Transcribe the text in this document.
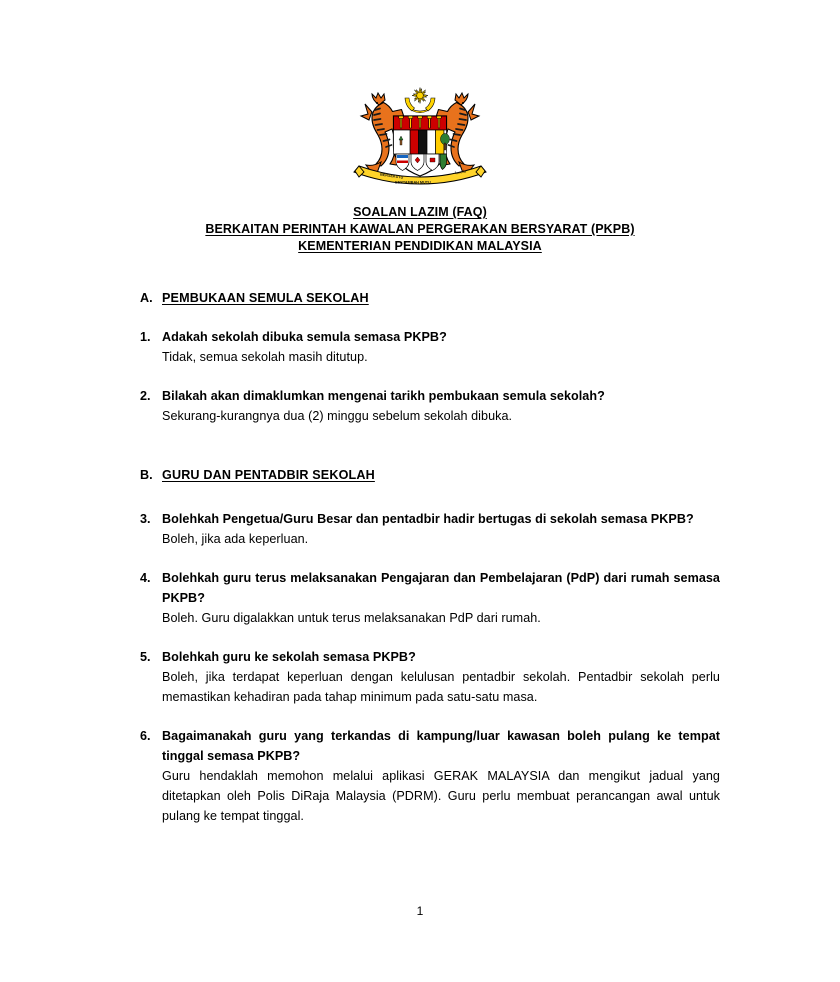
BERSEKUTU
BERTAMBAH MUTU
ملايسيا
SOALAN LAZIM (FAQ)
BERKAITAN PERINTAH KAWALAN PERGERAKAN BERSYARAT (PKPB)
KEMENTERIAN PENDIDIKAN MALAYSIA
A. PEMBUKAAN SEMULA SEKOLAH
1. Adakah sekolah dibuka semula semasa PKPB?
Tidak, semua sekolah masih ditutup.
2. Bilakah akan dimaklumkan mengenai tarikh pembukaan semula sekolah?
Sekurang-kurangnya dua (2) minggu sebelum sekolah dibuka.
B. GURU DAN PENTADBIR SEKOLAH
3. Bolehkah Pengetua/Guru Besar dan pentadbir hadir bertugas di sekolah semasa PKPB?
Boleh, jika ada keperluan.
4. Bolehkah guru terus melaksanakan Pengajaran dan Pembelajaran (PdP) dari rumah semasa PKPB?
Boleh. Guru digalakkan untuk terus melaksanakan PdP dari rumah.
5. Bolehkah guru ke sekolah semasa PKPB?
Boleh, jika terdapat keperluan dengan kelulusan pentadbir sekolah. Pentadbir sekolah perlu memastikan kehadiran pada tahap minimum pada satu-satu masa.
6. Bagaimanakah guru yang terkandas di kampung/luar kawasan boleh pulang ke tempat tinggal semasa PKPB?
Guru hendaklah memohon melalui aplikasi GERAK MALAYSIA dan mengikut jadual yang ditetapkan oleh Polis DiRaja Malaysia (PDRM). Guru perlu membuat perancangan awal untuk pulang ke tempat tinggal.
1
